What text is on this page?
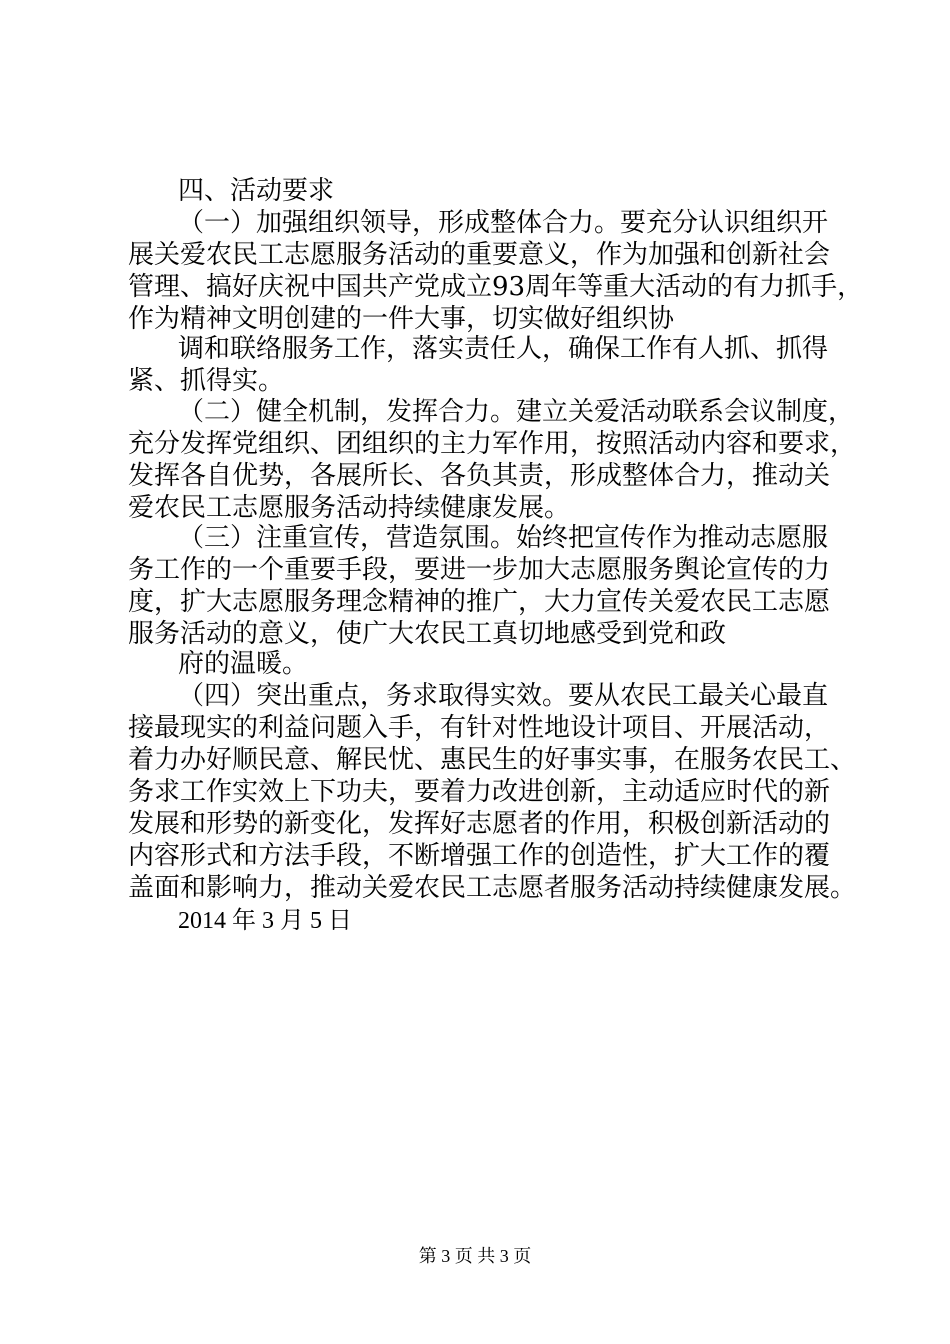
四、活动要求
（一）加强组织领导，形成整体合力。要充分认识组织开
展关爱农民工志愿服务活动的重要意义，作为加强和创新社会
管理、搞好庆祝中国共产党成立93周年等重大活动的有力抓手，
作为精神文明创建的一件大事，切实做好组织协
调和联络服务工作，落实责任人，确保工作有人抓、抓得
紧、抓得实。
（二）健全机制，发挥合力。建立关爱活动联系会议制度，
充分发挥党组织、团组织的主力军作用，按照活动内容和要求，
发挥各自优势，各展所长、各负其责，形成整体合力，推动关
爱农民工志愿服务活动持续健康发展。
（三）注重宣传，营造氛围。始终把宣传作为推动志愿服
务工作的一个重要手段，要进一步加大志愿服务舆论宣传的力
度，扩大志愿服务理念精神的推广，大力宣传关爱农民工志愿
服务活动的意义，使广大农民工真切地感受到党和政
府的温暖。
（四）突出重点，务求取得实效。要从农民工最关心最直
接最现实的利益问题入手，有针对性地设计项目、开展活动，
着力办好顺民意、解民忧、惠民生的好事实事，在服务农民工、
务求工作实效上下功夫，要着力改进创新，主动适应时代的新
发展和形势的新变化，发挥好志愿者的作用，积极创新活动的
内容形式和方法手段，不断增强工作的创造性，扩大工作的覆
盖面和影响力，推动关爱农民工志愿者服务活动持续健康发展。
2014 年 3 月 5 日
第 3 页 共 3 页
